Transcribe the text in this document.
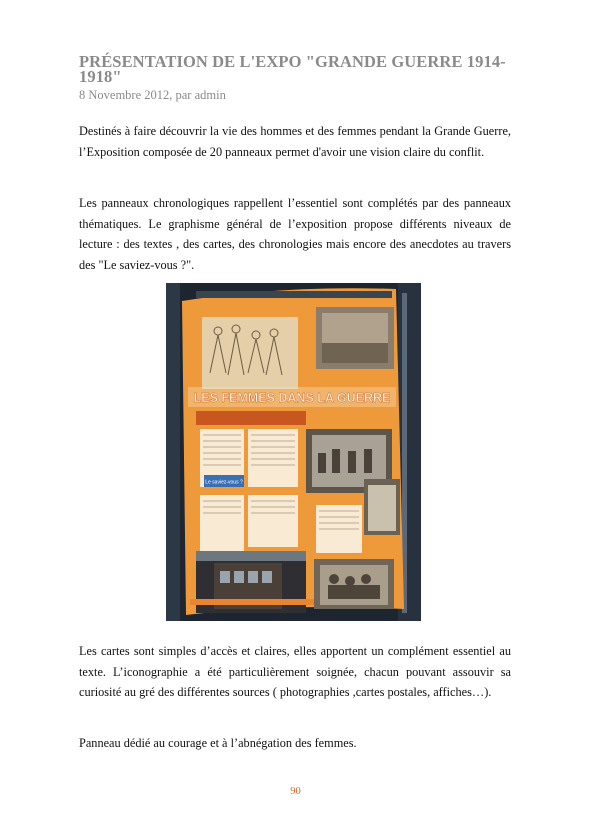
PRÉSENTATION DE L'EXPO "GRANDE GUERRE 1914-1918"
8 Novembre 2012, par admin

Destinés à faire découvrir la vie des hommes et des femmes pendant la Grande Guerre, l’Exposition composée de 20 panneaux permet d'avoir une vision claire du conflit.

Les panneaux chronologiques rappellent l’essentiel sont complétés par des panneaux thématiques. Le graphisme général de l’exposition propose différents niveaux de lecture : des textes , des cartes, des chronologies mais encore des anecdotes au travers des "Le saviez-vous ?".

LES FEMMES DANS LA GUERRE
Le saviez-vous ?

Les cartes sont simples d’accès et claires, elles apportent un complément essentiel au texte. L’iconographie a été particulièrement soignée, chacun pouvant assouvir sa curiosité au gré des différentes sources ( photographies ,cartes postales, affiches…).

Panneau dédié au courage et à l’abnégation des femmes.

90
